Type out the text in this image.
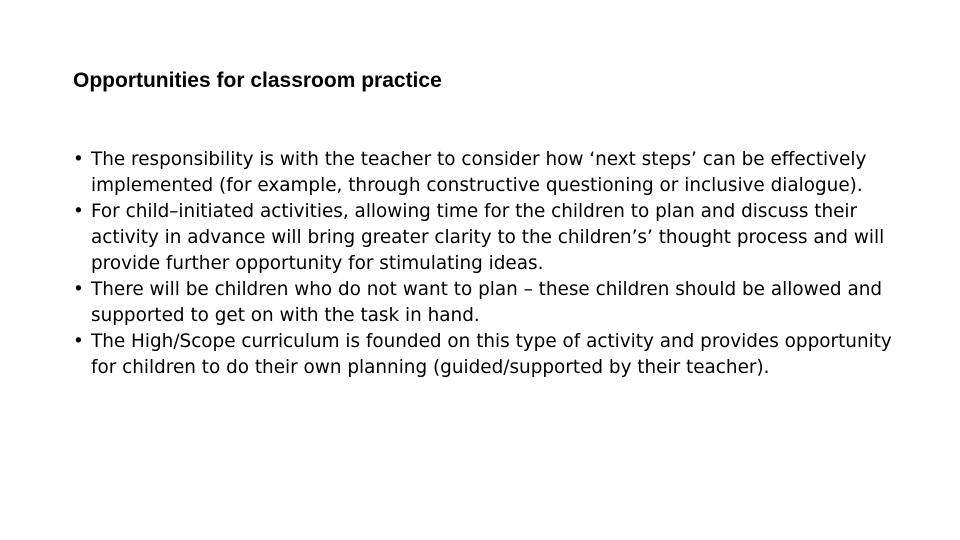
Opportunities for classroom practice
• The responsibility is with the teacher to consider how ‘next steps’ can be effectively implemented (for example, through constructive questioning or inclusive dialogue).
• For child–initiated activities, allowing time for the children to plan and discuss their activity in advance will bring greater clarity to the children’s’ thought process and will provide further opportunity for stimulating ideas.
• There will be children who do not want to plan – these children should be allowed and supported to get on with the task in hand.
• The High/Scope curriculum is founded on this type of activity and provides opportunity for children to do their own planning (guided/supported by their teacher).
